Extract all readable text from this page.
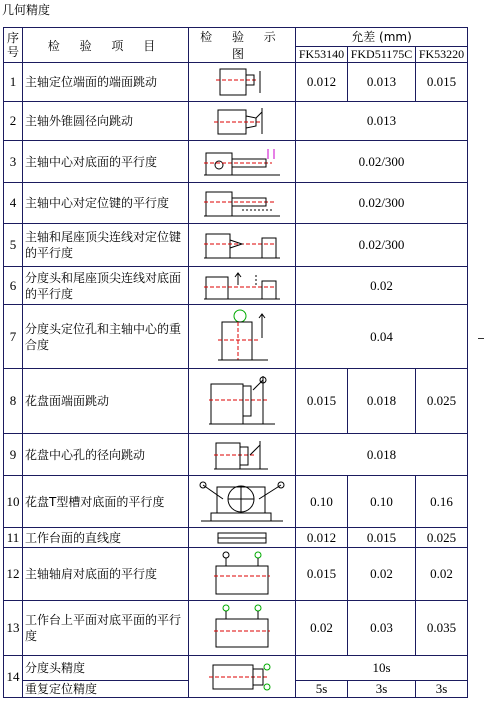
几何精度
序号	检 验 项 目	检 验 示 图	允差 (mm)		
			FK53140	FKD51175C	FK53220
1	主轴定位端面的端面跳动		0.012	0.013	0.015
2	主轴外锥圆径向跳动		0.013		
3	主轴中心对底面的平行度		0.02/300		
4	主轴中心对定位键的平行度		0.02/300		
5	主轴和尾座顶尖连线对定位键的平行度		0.02/300		
6	分度头和尾座顶尖连线对底面的平行度		0.02		
7	分度头定位孔和主轴中心的重合度		0.04		
8	花盘面端面跳动		0.015	0.018	0.025
9	花盘中心孔的径向跳动		0.018		
10	花盘T型槽对底面的平行度		0.10	0.10	0.16
11	工作台面的直线度		0.012	0.015	0.025
12	主轴轴肩对底面的平行度		0.015	0.02	0.02
13	工作台上平面对底平面的平行度		0.02	0.03	0.035
14	分度头精度		10s		
	重复定位精度		5s	3s	3s
